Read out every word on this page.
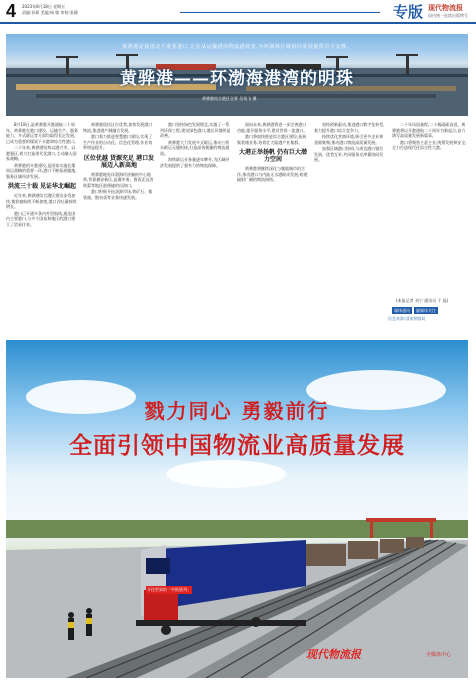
4 2023年8月18日 星期五
责编:孙莉 美编:杨 敏 审校:张静	专版 现代物流报
国内统一连续出版物号
黄骅港是我国北方重要港口,正在从运输港向物流港转变,为环渤海区域协同发展提供有力支撑。
黄骅港——环渤海港湾的明珠
黄骅港综合港区全景 吴英飞 摄

8月18日,是黄骅港开港通航二十周年。黄骅港在港口建设、运输生产、服务能力、多式联运等方面均取得长足发展,已成为重要的煤炭下水港和综合性港口。

二十年来,黄骅港坚持以港兴市、以港强区,着力打造现代化港口,主动融入国家战略。

黄骅港的开港建设,是国家实施北煤南运战略的重要一环,港口不断拓展腹地,服务区域经济发展。

洪流三十载 见证华北崛起

近年来,黄骅港综合港区建设步伐加快,集装箱航线不断加密,港口吞吐量持续增长。

港口已开通多条内外贸航线,通达国内主要港口,与多个国家和地区的港口建立了贸易往来。

黄骅港依托区位优势,加快发展港口物流,推进港产城融合发展。

港口着力推进智慧港口建设,实现了生产作业的自动化、信息化管理,作业效率明显提升。

区位优越 货源充足 港口发展迈入新高地

黄骅港地处环渤海经济圈的中心地带,背靠雄安新区,是冀中南、鲁西北及晋陕蒙等地区最便捷的出海口。

港口积极开拓货源市场,铁矿石、集装箱、散杂货等业务快速发展。

港口坚持绿色发展理念,实施了一系列环保工程,建设绿色港口,港区环境明显改善。

黄骅港大力发展多式联运,推动公铁水联运无缝衔接,打造高效便捷的物流通道。

海铁联运业务量逐年攀升,为区域经济发展提供了强有力的物流保障。

面向未来,黄骅港将进一步完善港口功能,提升服务水平,建设世界一流港口。

港口将加快推进综合港区建设,拓展集装箱业务,培育壮大临港产业集群。

大港正举扬帆 仍有巨大潜力空间

黄骅港将继续深化与腹地城市的合作,推动港口与内陆无水港联动发展,构建辐射广阔的物流网络。

坚持创新驱动,推进港口数字化转型,着力提升港口综合竞争力。

持续优化营商环境,吸引更多企业和货源集聚,推动港口物流高质量发展。

加强区域港口协同,与周边港口错位发展、优势互补,共同服务京津冀协同发展。

二十年风雨兼程,二十载砥砺奋进。黄骅港将以开港通航二十周年为新起点,奋力谱写高质量发展新篇章。

港口将聚焦主责主业,统筹发展和安全,全力打造现代化综合性大港。

(本报记者 刘宁 通讯员 于 磊)
媒体通讯	融媒体关注
信息来源:国家铁路局
戮力同心 勇毅前行
全面引领中国物流业高质量发展
开往世界的「中欧班列」
现代物流报	全媒体中心
